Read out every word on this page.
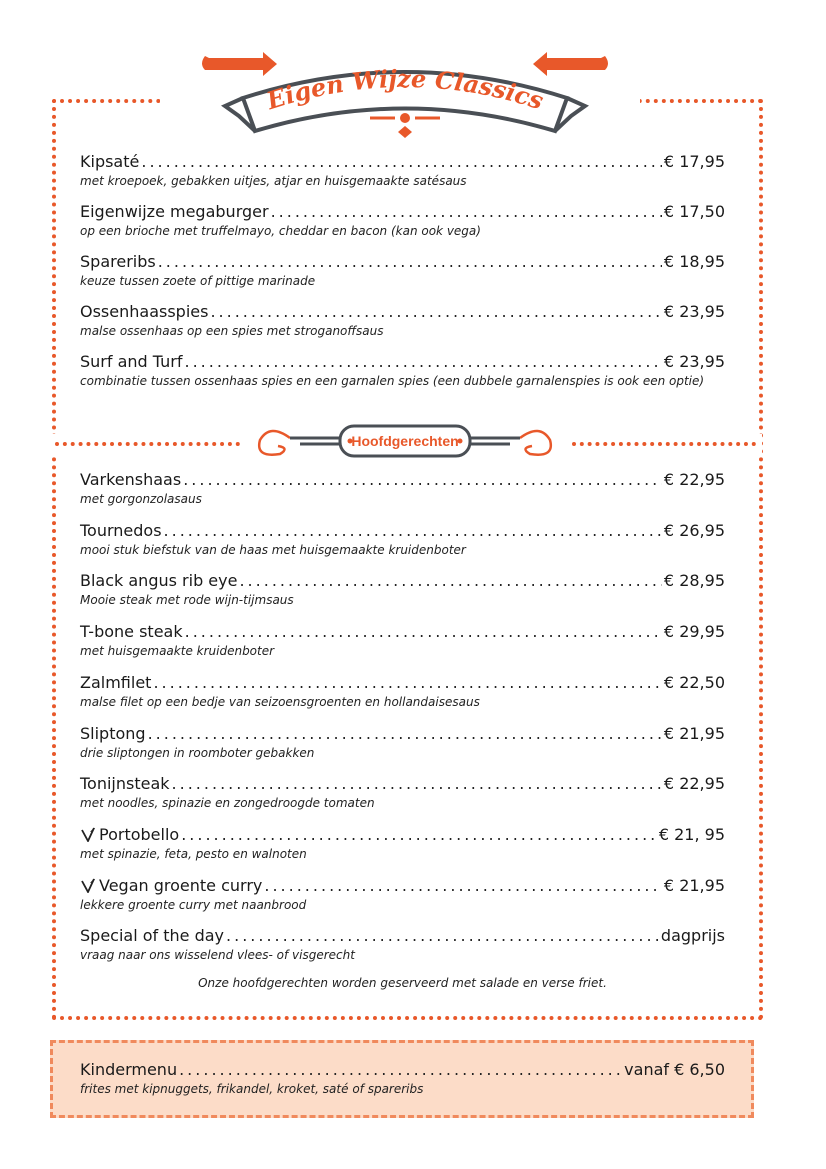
Eigen Wijze Classics
Kipsaté .....	€ 17,95
met kroepoek, gebakken uitjes, atjar en huisgemaakte satésaus
Eigenwijze megaburger .....	€ 17,50
op een brioche met truffelmayo, cheddar en bacon (kan ook vega)
Spareribs .....	€ 18,95
keuze tussen zoete of pittige marinade
Ossenhaasspies .....	€ 23,95
malse ossenhaas op een spies met stroganoffsaus
Surf and Turf .....	€ 23,95
combinatie tussen ossenhaas spies en een garnalen spies (een dubbele garnalenspies is ook een optie)
Hoofdgerechten
Varkenshaas .....	€ 22,95
met gorgonzolasaus
Tournedos .....	€ 26,95
mooi stuk biefstuk van de haas met huisgemaakte kruidenboter
Black angus rib eye .....	€ 28,95
Mooie steak met rode wijn-tijmsaus
T-bone steak .....	€ 29,95
met huisgemaakte kruidenboter
Zalmfilet .....	€ 22,50
malse filet op een bedje van seizoensgroenten en hollandaisesaus
Sliptong .....	€ 21,95
drie sliptongen in roomboter gebakken
Tonijnsteak .....	€ 22,95
met noodles, spinazie en zongedroogde tomaten
Portobello .....	€ 21, 95
met spinazie, feta, pesto en walnoten
Vegan groente curry .....	€ 21,95
lekkere groente curry met naanbrood
Special of the day .....	dagprijs
vraag naar ons wisselend vlees- of visgerecht
Onze hoofdgerechten worden geserveerd met salade en verse friet.
Kindermenu .....	vanaf € 6,50
frites met kipnuggets, frikandel, kroket, saté of spareribs
